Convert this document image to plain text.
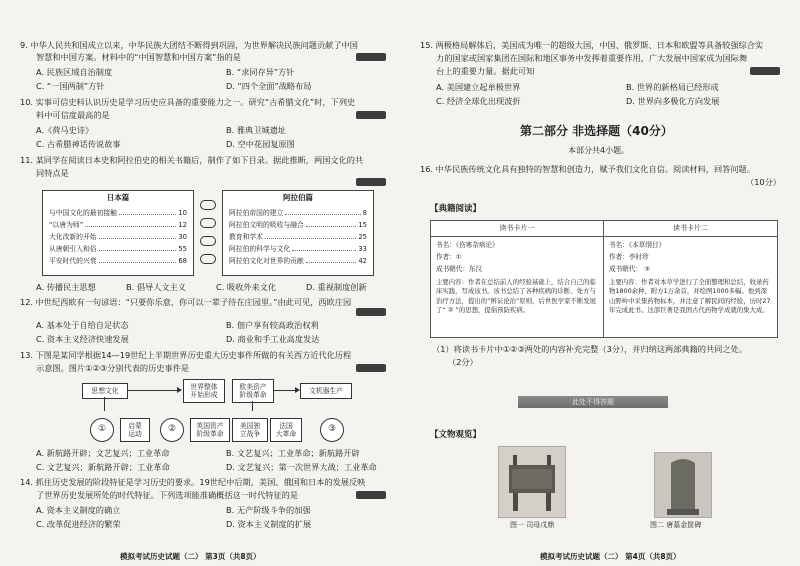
9. 中华人民共和国成立以来，中华民族大团结不断得到巩固，为世界解决民族问题贡献了中国
智慧和中国方案。材料中的“中国智慧和中国方案”指的是
A. 民族区域自治制度	B. “求同存异”方针
C. “一国两制”方针	D. “四个全面”战略布局
10. 实事可信史料认识历史是学习历史应具备的重要能力之一。研究“古希腊文化”时，下列史
料中可信度最高的是
A.《荷马史诗》	B. 雅典卫城遗址
C. 古希腊神话传说故事	D. 空中花园复原图
11. 某同学在阅读日本史和阿拉伯史的相关书籍后，制作了如下目录。据此推断，两国文化的共
同特点是
日本篇
与中国文化的最初接触	10
“以唐为师”	12
大化改新的开始	30
从唐朝引入和俗	55
平安时代的兴衰	68
阿拉伯篇
阿拉伯帝国的建立	8
阿拉伯文明的吸收与融合	15
教育和学术	25
阿拉伯的科学与文化	33
阿拉伯文化对世界的贡献	42
A. 传播民主思想	B. 倡导人文主义	C. 吸收外来文化	D. 重视制度创新
12. 中世纪西欧有一句谚语：“只要你乐意，你可以一辈子待在庄园里。”由此可见，西欧庄园
A. 基本处于自给自足状态	B. 佃户享有较高政治权利
C. 资本主义经济快速发展	D. 商业和手工业高度发达
13. 下图是某同学根据14—19世纪上半期世界历史重大历史事件所做的有关西方近代化历程
示意图。图片①②③分别代表的历史事件是
思想文化
世界整体
开始形成
欧美资产
阶级革命
文机器生产
①	启蒙
运动	②	英国资产
阶级革命
美国独
立战争
法国
大革命	③
A. 新航路开辟；文艺复兴；工业革命	B. 文艺复兴；工业革命；新航路开辟
C. 文艺复兴；新航路开辟；工业革命	D. 文艺复兴；第一次世界大战；工业革命
14. 抓住历史发展的阶段特征是学习历史的要求。19世纪中后期，美国、俄国和日本的发展反映
了世界历史发展所处的时代特征。下列选项能准确概括这一时代特征的是
A. 资本主义制度的确立	B. 无产阶级斗争的加强
C. 改革促进经济的繁荣	D. 资本主义制度的扩展
模拟考试历史试题（二） 第3页（共8页）
15. 两极格局解体后，美国成为唯一的超级大国，中国、俄罗斯、日本和欧盟等具备较强综合实
力的国家或国家集团在国际和地区事务中发挥着重要作用，广大发展中国家成为国际舞
台上的重要力量。据此可知
A. 美国建立起单极世界	B. 世界的新格局已经形成
C. 经济全球化出现波折	D. 世界向多极化方向发展
第二部分 非选择题（40分）
本部分共4小题。
16. 中华民族传统文化具有独特的智慧和创造力，赋予我们文化自信。阅读材料，回答问题。
（10分）
【典籍阅读】
读书卡片一
书名：《伤寒杂病论》
作者：①
成书朝代：东汉
主要内容：作者在总结前人的经验基础上，结合自己的临床实践，写成该书。该书总结了各种疾病的诊断、处方与治疗方法，提出的“辨证论治”原则，后世医学家不断发展了“ ② ”的思想，提倡预防疾病。
读书卡片二
书名：《本草纲目》
作者：李时珍
成书朝代： ③
主要内容：作者对本草学进行了全面整理和总结，收录药物1800余种，附方1万余首，并绘图1000多幅。他到深山野岭中采集药物标本，并注意了解民间的经验，历时27年完成此书。这部巨著是我国古代药物学成就的集大成。
（1）将读书卡片中①②③两处的内容补充完整（3分），并归纳这两部典籍的共同之处。
（2分）
此处不得答题
【文物观览】
图一 司母戊鼎	图二 唐墓金筐碑
模拟考试历史试题（二） 第4页（共8页）
